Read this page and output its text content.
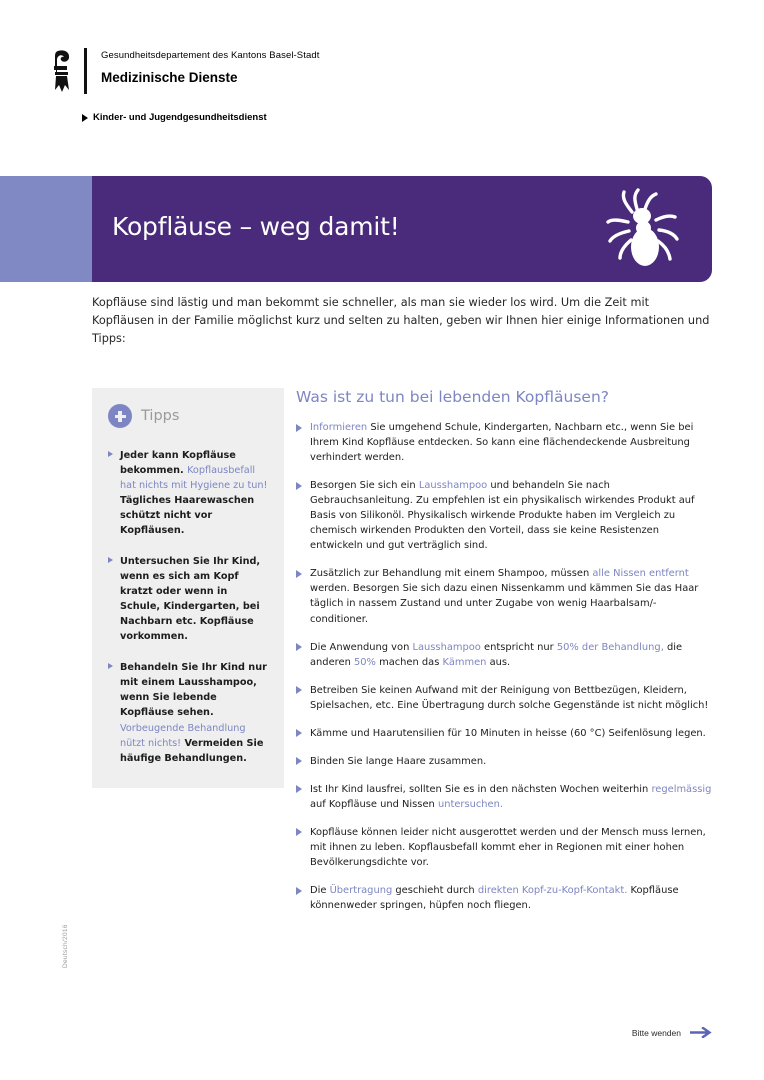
Gesundheitsdepartement des Kantons Basel-Stadt
Medizinische Dienste
Kinder- und Jugendgesundheitsdienst
Kopfläuse – weg damit!
Kopfläuse sind lästig und man bekommt sie schneller, als man sie wieder los wird. Um die Zeit mit Kopfläusen in der Familie möglichst kurz und selten zu halten, geben wir Ihnen hier einige Informationen und Tipps:
Tipps
Jeder kann Kopfläuse bekommen. Kopflausbefall hat nichts mit Hygiene zu tun! Tägliches Haarewaschen schützt nicht vor Kopfläusen.
Untersuchen Sie Ihr Kind, wenn es sich am Kopf kratzt oder wenn in Schule, Kindergarten, bei Nachbarn etc. Kopfläuse vorkommen.
Behandeln Sie Ihr Kind nur mit einem Lausshampoo, wenn Sie lebende Kopfläuse sehen. Vorbeugende Behandlung nützt nichts! Vermeiden Sie häufige Behandlungen.
Was ist zu tun bei lebenden Kopfläusen?
Informieren Sie umgehend Schule, Kindergarten, Nachbarn etc., wenn Sie bei Ihrem Kind Kopfläuse entdecken. So kann eine flächendeckende Ausbreitung verhindert werden.
Besorgen Sie sich ein Lausshampoo und behandeln Sie nach Gebrauchsanleitung. Zu empfehlen ist ein physikalisch wirkendes Produkt auf Basis von Silikonöl. Physikalisch wirkende Produkte haben im Vergleich zu chemisch wirkenden Produkten den Vorteil, dass sie keine Resistenzen entwickeln und gut verträglich sind.
Zusätzlich zur Behandlung mit einem Shampoo, müssen alle Nissen entfernt werden. Besorgen Sie sich dazu einen Nissenkamm und kämmen Sie das Haar täglich in nassem Zustand und unter Zugabe von wenig Haarbalsam/-conditioner.
Die Anwendung von Lausshampoo entspricht nur 50% der Behandlung, die anderen 50% machen das Kämmen aus.
Betreiben Sie keinen Aufwand mit der Reinigung von Bettbezügen, Kleidern, Spielsachen, etc. Eine Übertragung durch solche Gegenstände ist nicht möglich!
Kämme und Haarutensilien für 10 Minuten in heisse (60 °C) Seifenlösung legen.
Binden Sie lange Haare zusammen.
Ist Ihr Kind lausfrei, sollten Sie es in den nächsten Wochen weiterhin regelmässig auf Kopfläuse und Nissen untersuchen.
Kopfläuse können leider nicht ausgerottet werden und der Mensch muss lernen, mit ihnen zu leben. Kopflausbefall kommt eher in Regionen mit einer hohen Bevölkerungsdichte vor.
Die Übertragung geschieht durch direkten Kopf-zu-Kopf-Kontakt. Kopfläuse könnenweder springen, hüpfen noch fliegen.
Deutsch/2016
Bitte wenden
